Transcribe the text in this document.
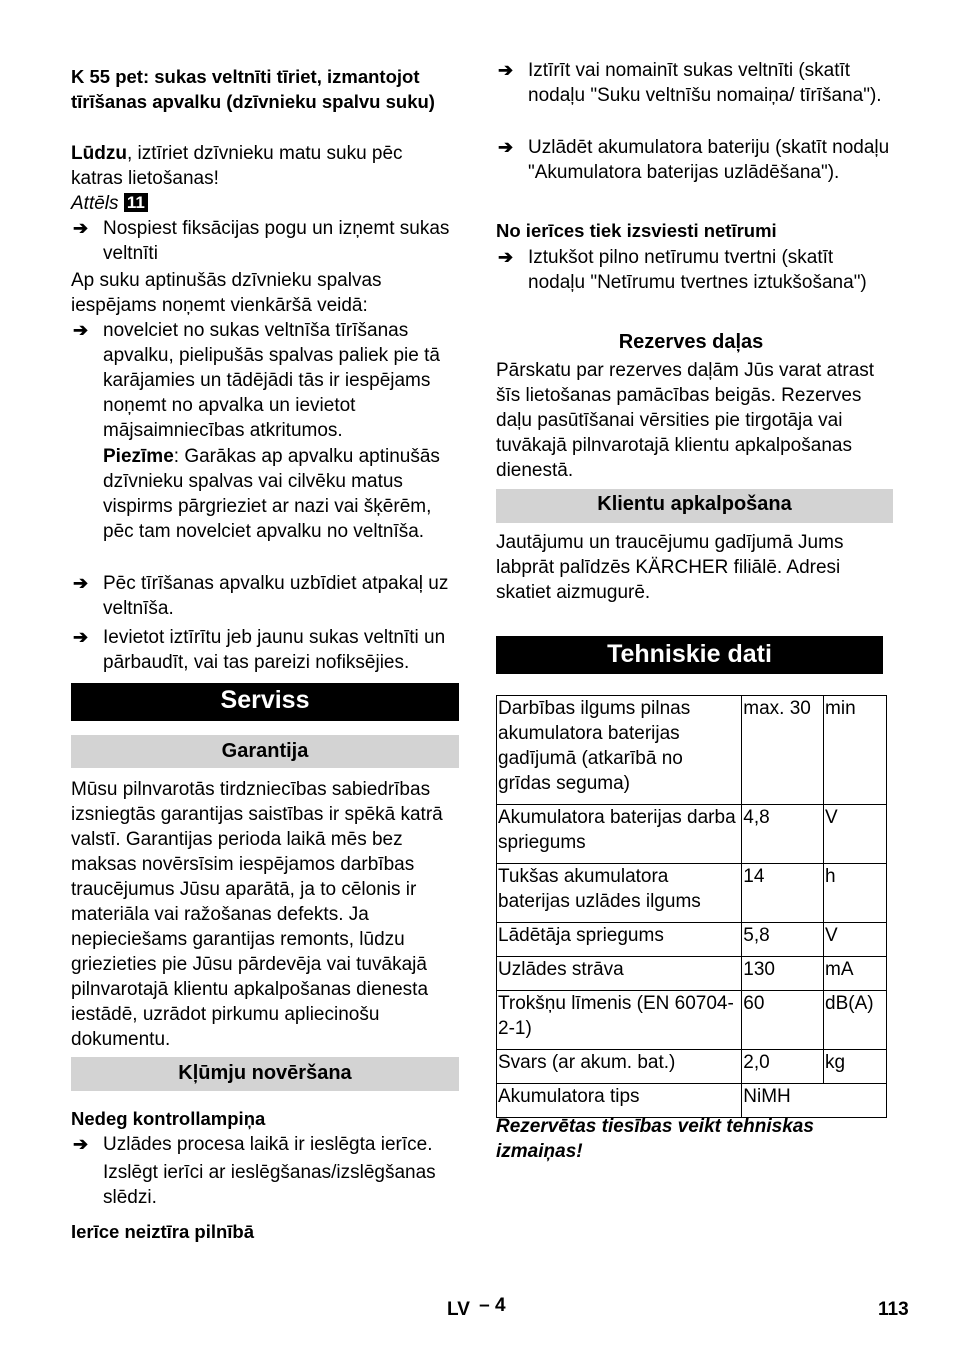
K 55 pet: sukas veltnīti tīriet, izmantojot tīrīšanas apvalku (dzīvnieku spalvu suku)

Lūdzu, iztīriet dzīvnieku matu suku pēc katras lietošanas!

Attēls 11

➔ Nospiest fiksācijas pogu un izņemt sukas veltnīti

Ap suku aptinušās dzīvnieku spalvas iespējams noņemt vienkāršā veidā:

➔ novelciet no sukas veltnīša tīrīšanas apvalku, pielipušās spalvas paliek pie tā karājamies un tādējādi tās ir iespējams noņemt no apvalka un ievietot mājsaimniecības atkritumos.

Piezīme: Garākas ap apvalku aptinušās dzīvnieku spalvas vai cilvēku matus vispirms pārgrieziet ar nazi vai šķērēm, pēc tam novelciet apvalku no veltnīša.

➔ Pēc tīrīšanas apvalku uzbīdiet atpakaļ uz veltnīša.
➔ Ievietot iztīrītu jeb jaunu sukas veltnīti un pārbaudīt, vai tas pareizi nofiksējies.
Serviss
Garantija

Mūsu pilnvarotās tirdzniecības sabiedrības izsniegtās garantijas saistības ir spēkā katrā valstī. Garantijas perioda laikā mēs bez maksas novērsīsim iespējamos darbības traucējumus Jūsu aparātā, ja to cēlonis ir materiāla vai ražošanas defekts. Ja nepieciešams garantijas remonts, lūdzu griezieties pie Jūsu pārdevēja vai tuvākajā pilnvarotajā klientu apkalpošanas dienesta iestādē, uzrādot pirkumu apliecinošu dokumentu.

Kļūmju novēršana

Nedeg kontrollampiņa

➔ Uzlādes procesa laikā ir ieslēgta ierīce.

Izslēgt ierīci ar ieslēgšanas/izslēgšanas slēdzi.

Ierīce neiztīra pilnībā

➔ Iztīrīt vai nomainīt sukas veltnīti (skatīt nodaļu "Suku veltnīšu nomaiņa/ tīrīšana").
➔ Uzlādēt akumulatora bateriju (skatīt nodaļu "Akumulatora baterijas uzlādēšana").

No ierīces tiek izsviesti netīrumi

➔ Iztukšot pilno netīrumu tvertni (skatīt nodaļu "Netīrumu tvertnes iztukšošana")

Rezerves daļas

Pārskatu par rezerves daļām Jūs varat atrast šīs lietošanas pamācības beigās. Rezerves daļu pasūtīšanai vērsities pie tirgotāja vai tuvākajā pilnvarotajā klientu apkalpošanas dienestā.

Klientu apkalpošana

Jautājumu un traucējumu gadījumā Jums labprāt palīdzēs KÄRCHER filiālē. Adresi skatiet aizmugurē.

Tehniskie dati
Darbības ilgums pilnas akumulatora baterijas gadījumā (atkarībā no grīdas seguma)	max. 30	min
Akumulatora baterijas darba spriegums	4,8	V
Tukšas akumulatora baterijas uzlādes ilgums	14	h
Lādētāja spriegums	5,8	V
Uzlādes strāva	130	mA
Trokšņu līmenis (EN 60704-2-1)	60	dB(A)
Svars (ar akum. bat.)	2,0	kg
Akumulatora tips	NiMH	

Rezervētas tiesības veikt tehniskas izmaiņas!

LV – 4	113
